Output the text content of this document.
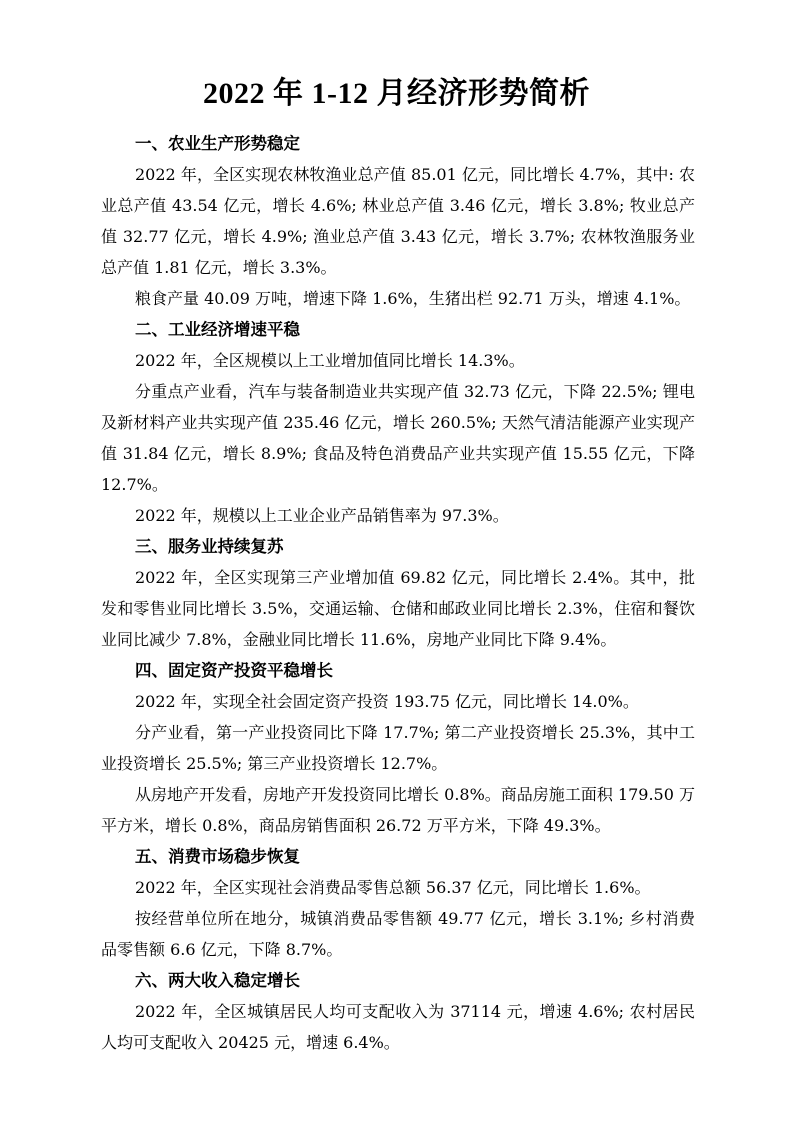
2022 年 1-12 月经济形势简析
一、农业生产形势稳定

2022 年，全区实现农林牧渔业总产值 85.01 亿元，同比增长 4.7%，其中: 农业总产值 43.54 亿元，增长 4.6%; 林业总产值 3.46 亿元，增长 3.8%; 牧业总产值 32.77 亿元，增长 4.9%; 渔业总产值 3.43 亿元，增长 3.7%; 农林牧渔服务业总产值 1.81 亿元，增长 3.3%。

粮食产量 40.09 万吨，增速下降 1.6%，生猪出栏 92.71 万头，增速 4.1%。

二、工业经济增速平稳

2022 年，全区规模以上工业增加值同比增长 14.3%。

分重点产业看，汽车与装备制造业共实现产值 32.73 亿元，下降 22.5%; 锂电及新材料产业共实现产值 235.46 亿元，增长 260.5%; 天然气清洁能源产业实现产值 31.84 亿元，增长 8.9%; 食品及特色消费品产业共实现产值 15.55 亿元，下降 12.7%。

2022 年，规模以上工业企业产品销售率为 97.3%。

三、服务业持续复苏

2022 年，全区实现第三产业增加值 69.82 亿元，同比增长 2.4%。其中，批发和零售业同比增长 3.5%，交通运输、仓储和邮政业同比增长 2.3%，住宿和餐饮业同比减少 7.8%，金融业同比增长 11.6%，房地产业同比下降 9.4%。

四、固定资产投资平稳增长

2022 年，实现全社会固定资产投资 193.75 亿元，同比增长 14.0%。

分产业看，第一产业投资同比下降 17.7%; 第二产业投资增长 25.3%，其中工业投资增长 25.5%; 第三产业投资增长 12.7%。

从房地产开发看，房地产开发投资同比增长 0.8%。商品房施工面积 179.50 万平方米，增长 0.8%，商品房销售面积 26.72 万平方米，下降 49.3%。

五、消费市场稳步恢复

2022 年，全区实现社会消费品零售总额 56.37 亿元，同比增长 1.6%。

按经营单位所在地分，城镇消费品零售额 49.77 亿元，增长 3.1%; 乡村消费品零售额 6.6 亿元，下降 8.7%。

六、两大收入稳定增长

2022 年，全区城镇居民人均可支配收入为 37114 元，增速 4.6%; 农村居民人均可支配收入 20425 元，增速 6.4%。
